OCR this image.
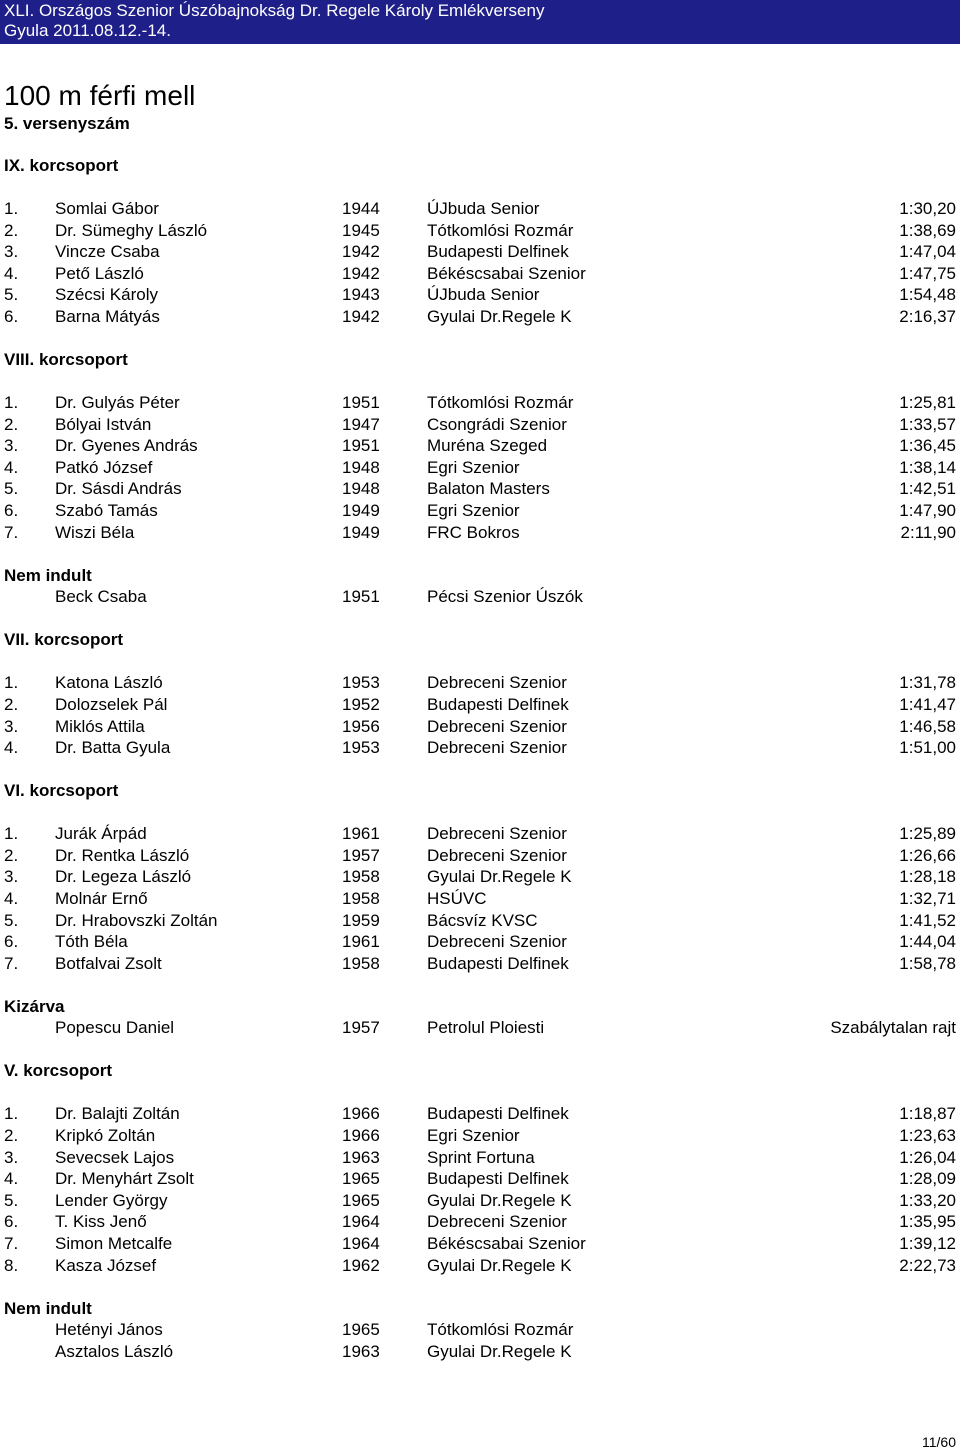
XLI. Országos Szenior Úszóbajnokság Dr. Regele Károly Emlékverseny
Gyula 2011.08.12.-14.
100 m férfi mell
5. versenyszám
IX. korcsoport
1. Somlai Gábor	1944	ÚJbuda Senior	1:30,20
2. Dr. Sümeghy László	1945	Tótkomlósi Rozmár	1:38,69
3. Vincze Csaba	1942	Budapesti Delfinek	1:47,04
4. Pető László	1942	Békéscsabai Szenior	1:47,75
5. Szécsi Károly	1943	ÚJbuda Senior	1:54,48
6. Barna Mátyás	1942	Gyulai Dr.Regele K	2:16,37
VIII. korcsoport
1. Dr. Gulyás Péter	1951	Tótkomlósi Rozmár	1:25,81
2. Bólyai István	1947	Csongrádi Szenior	1:33,57
3. Dr. Gyenes András	1951	Muréna Szeged	1:36,45
4. Patkó József	1948	Egri Szenior	1:38,14
5. Dr. Sásdi András	1948	Balaton Masters	1:42,51
6. Szabó Tamás	1949	Egri Szenior	1:47,90
7. Wiszi Béla	1949	FRC Bokros	2:11,90
Nem indult
Beck Csaba	1951	Pécsi Szenior Úszók
VII. korcsoport
1. Katona László	1953	Debreceni Szenior	1:31,78
2. Dolozselek Pál	1952	Budapesti Delfinek	1:41,47
3. Miklós Attila	1956	Debreceni Szenior	1:46,58
4. Dr. Batta Gyula	1953	Debreceni Szenior	1:51,00
VI. korcsoport
1. Jurák Árpád	1961	Debreceni Szenior	1:25,89
2. Dr. Rentka László	1957	Debreceni Szenior	1:26,66
3. Dr. Legeza László	1958	Gyulai Dr.Regele K	1:28,18
4. Molnár Ernő	1958	HSÚVC	1:32,71
5. Dr. Hrabovszki Zoltán	1959	Bácsvíz KVSC	1:41,52
6. Tóth Béla	1961	Debreceni Szenior	1:44,04
7. Botfalvai Zsolt	1958	Budapesti Delfinek	1:58,78
Kizárva
Popescu Daniel	1957	Petrolul Ploiesti	Szabálytalan rajt
V. korcsoport
1. Dr. Balajti Zoltán	1966	Budapesti Delfinek	1:18,87
2. Kripkó Zoltán	1966	Egri Szenior	1:23,63
3. Sevecsek Lajos	1963	Sprint Fortuna	1:26,04
4. Dr. Menyhárt Zsolt	1965	Budapesti Delfinek	1:28,09
5. Lender György	1965	Gyulai Dr.Regele K	1:33,20
6. T. Kiss Jenő	1964	Debreceni Szenior	1:35,95
7. Simon Metcalfe	1964	Békéscsabai Szenior	1:39,12
8. Kasza József	1962	Gyulai Dr.Regele K	2:22,73
Nem indult
Hetényi János	1965	Tótkomlósi Rozmár
Asztalos László	1963	Gyulai Dr.Regele K
11/60
